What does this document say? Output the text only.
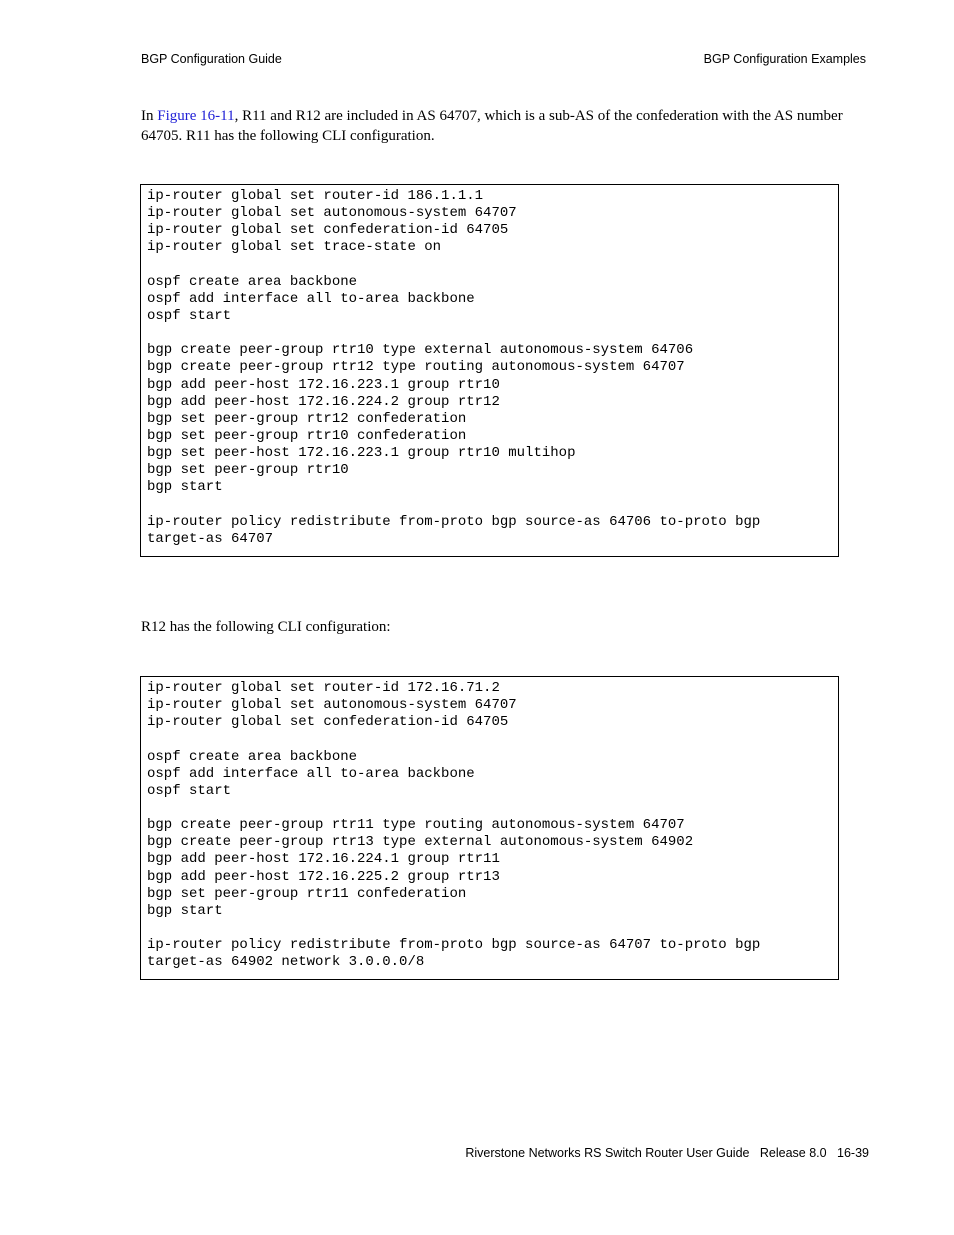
BGP Configuration Guide	BGP Configuration Examples

In Figure 16-11, R11 and R12 are included in AS 64707, which is a sub-AS of the confederation with the AS number 64705. R11 has the following CLI configuration.

ip-router global set router-id 186.1.1.1
ip-router global set autonomous-system 64707
ip-router global set confederation-id 64705
ip-router global set trace-state on
ospf create area backbone
ospf add interface all to-area backbone
ospf start
bgp create peer-group rtr10 type external autonomous-system 64706
bgp create peer-group rtr12 type routing autonomous-system 64707
bgp add peer-host 172.16.223.1 group rtr10
bgp add peer-host 172.16.224.2 group rtr12
bgp set peer-group rtr12 confederation
bgp set peer-group rtr10 confederation
bgp set peer-host 172.16.223.1 group rtr10 multihop
bgp set peer-group rtr10
bgp start
ip-router policy redistribute from-proto bgp source-as 64706 to-proto bgp
target-as 64707

R12 has the following CLI configuration:

ip-router global set router-id 172.16.71.2
ip-router global set autonomous-system 64707
ip-router global set confederation-id 64705
ospf create area backbone
ospf add interface all to-area backbone
ospf start
bgp create peer-group rtr11 type routing autonomous-system 64707
bgp create peer-group rtr13 type external autonomous-system 64902
bgp add peer-host 172.16.224.1 group rtr11
bgp add peer-host 172.16.225.2 group rtr13
bgp set peer-group rtr11 confederation
bgp start
ip-router policy redistribute from-proto bgp source-as 64707 to-proto bgp
target-as 64902 network 3.0.0.0/8
Riverstone Networks RS Switch Router User Guide   Release 8.0   16-39
